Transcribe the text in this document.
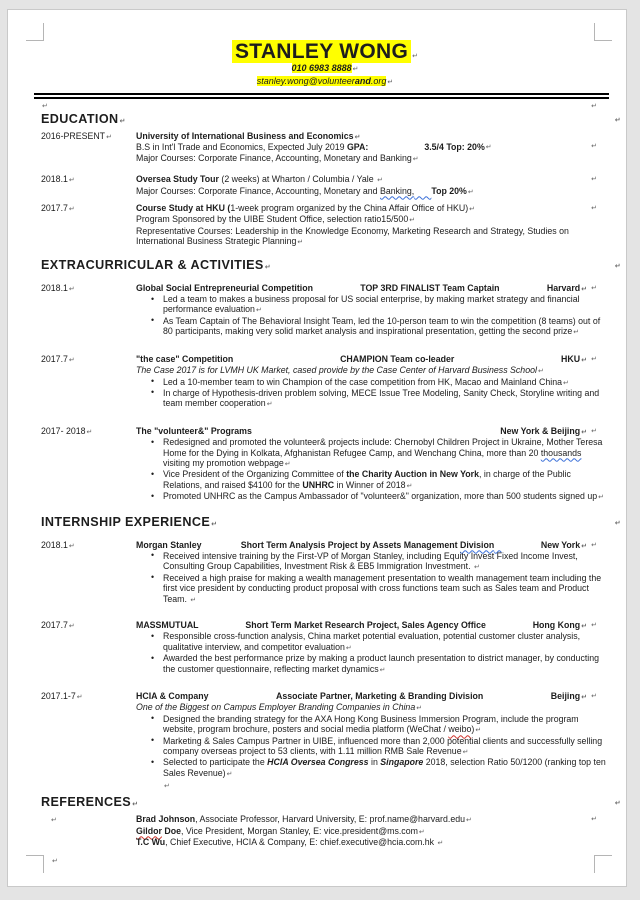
STANLEY WONG ↵
010 6983 8888↵
stanley.wong@volunteerand.org↵
↵	↵
EDUCATION↵	↵
2016-PRESENT↵	University of International Business and Economics↵
B.S in Int'l Trade and Economics, Expected July 2019 GPA:	3.5/4 Top: 20% ↵
Major Courses: Corporate Finance, Accounting, Monetary and Banking↵
↵
2018.1↵	Oversea Study Tour (2 weeks) at Wharton / Columbia / Yale ↵
Major Courses: Corporate Finance, Accounting, Monetary and Banking, Top 20%↵
↵
2017.7↵	Course Study at HKU (1-week program organized by the China Affair Office of HKU)↵
Program Sponsored by the UIBE Student Office, selection ratio15/500↵
Representative Courses: Leadership in the Knowledge Economy, Marketing Research and Strategy, Studies on International Business Strategic Planning↵
↵
EXTRACURRICULAR & ACTIVITIES↵	↵
2018.1↵	Global Social Entrepreneurial Competition	TOP 3RD FINALIST Team Captain	Harvard↵
• Led a team to makes a business proposal for US social enterprise, by making market strategy and financial performance evaluation↵
• As Team Captain of The Behavioral Insight Team, led the 10-person team to win the competition (8 teams) out of 80 participants, making very solid market analysis and inspirational presentation, getting the second prize↵
↵
2017.7↵	"the case" Competition	CHAMPION Team co-leader	HKU↵
The Case 2017 is for LVMH UK Market, cased provide by the Case Center of Harvard Business School↵
• Led a 10-member team to win Champion of the case competition from HK, Macao and Mainland China↵
• In charge of Hypothesis-driven problem solving, MECE Issue Tree Modeling, Sanity Check, Storyline writing and team member cooperation↵
↵
2017- 2018↵	The "volunteer&" Programs	New York & Beijing↵
• Redesigned and promoted the volunteer& projects include: Chernobyl Children Project in Ukraine, Mother Teresa Home for the Dying in Kolkata, Afghanistan Refugee Camp, and Wenchang China, more than 20 thousands visiting my promotion webpage↵
• Vice President of the Organizing Committee of the Charity Auction in New York, in charge of the Public Relations, and raised $4100 for the UNHRC in Winner of 2018↵
• Promoted UNHRC as the Campus Ambassador of "volunteer&" organization, more than 500 students signed up↵
↵
INTERNSHIP EXPERIENCE↵	↵
2018.1↵	Morgan Stanley	Short Term Analysis Project by Assets Management Division	New York↵
• Received intensive training by the First-VP of Morgan Stanley, including Equity Invest Fixed Income Invest, Consulting Group Capabilities, Investment Risk & EB5 Immigration Investment. ↵
• Received a high praise for making a wealth management presentation to wealth management team including the first vice president by conducting product proposal with cross functions team such as Sales team and Product Team. ↵
↵
2017.7↵	MASSMUTUAL	Short Term Market Research Project, Sales Agency Office	Hong Kong↵
• Responsible cross-function analysis, China market potential evaluation, potential customer cluster analysis, qualitative interview, and competitor evaluation↵
• Awarded the best performance prize by making a product launch presentation to district manager, by conducting the customer questionnaire, reflecting market dynamics↵
↵
2017.1-7↵	HCIA & Company	Associate Partner, Marketing & Branding Division	Beijing↵
One of the Biggest on Campus Employer Branding Companies in China↵
• Designed the branding strategy for the AXA Hong Kong Business Immersion Program, include the program website, program brochure, posters and social media platform (WeChat / weibo)↵
• Marketing & Sales Campus Partner in UIBE, influenced more than 2,000 potential clients and successfully selling company overseas project to 53 clients, with 1.11 million RMB Sale Revenue↵
• Selected to participate the HCIA Oversea Congress in Singapore 2018, selection Ratio 50/1200 (ranking top ten Sales Revenue)↵
↵
↵
REFERENCES↵	↵
↵	Brad Johnson, Associate Professor, Harvard University, E: prof.name@harvard.edu↵
Gildor Doe, Vice President, Morgan Stanley, E: vice.president@ms.com↵
T.C Wu, Chief Executive, HCIA & Company, E: chief.executive@hcia.com.hk ↵
↵
↵
